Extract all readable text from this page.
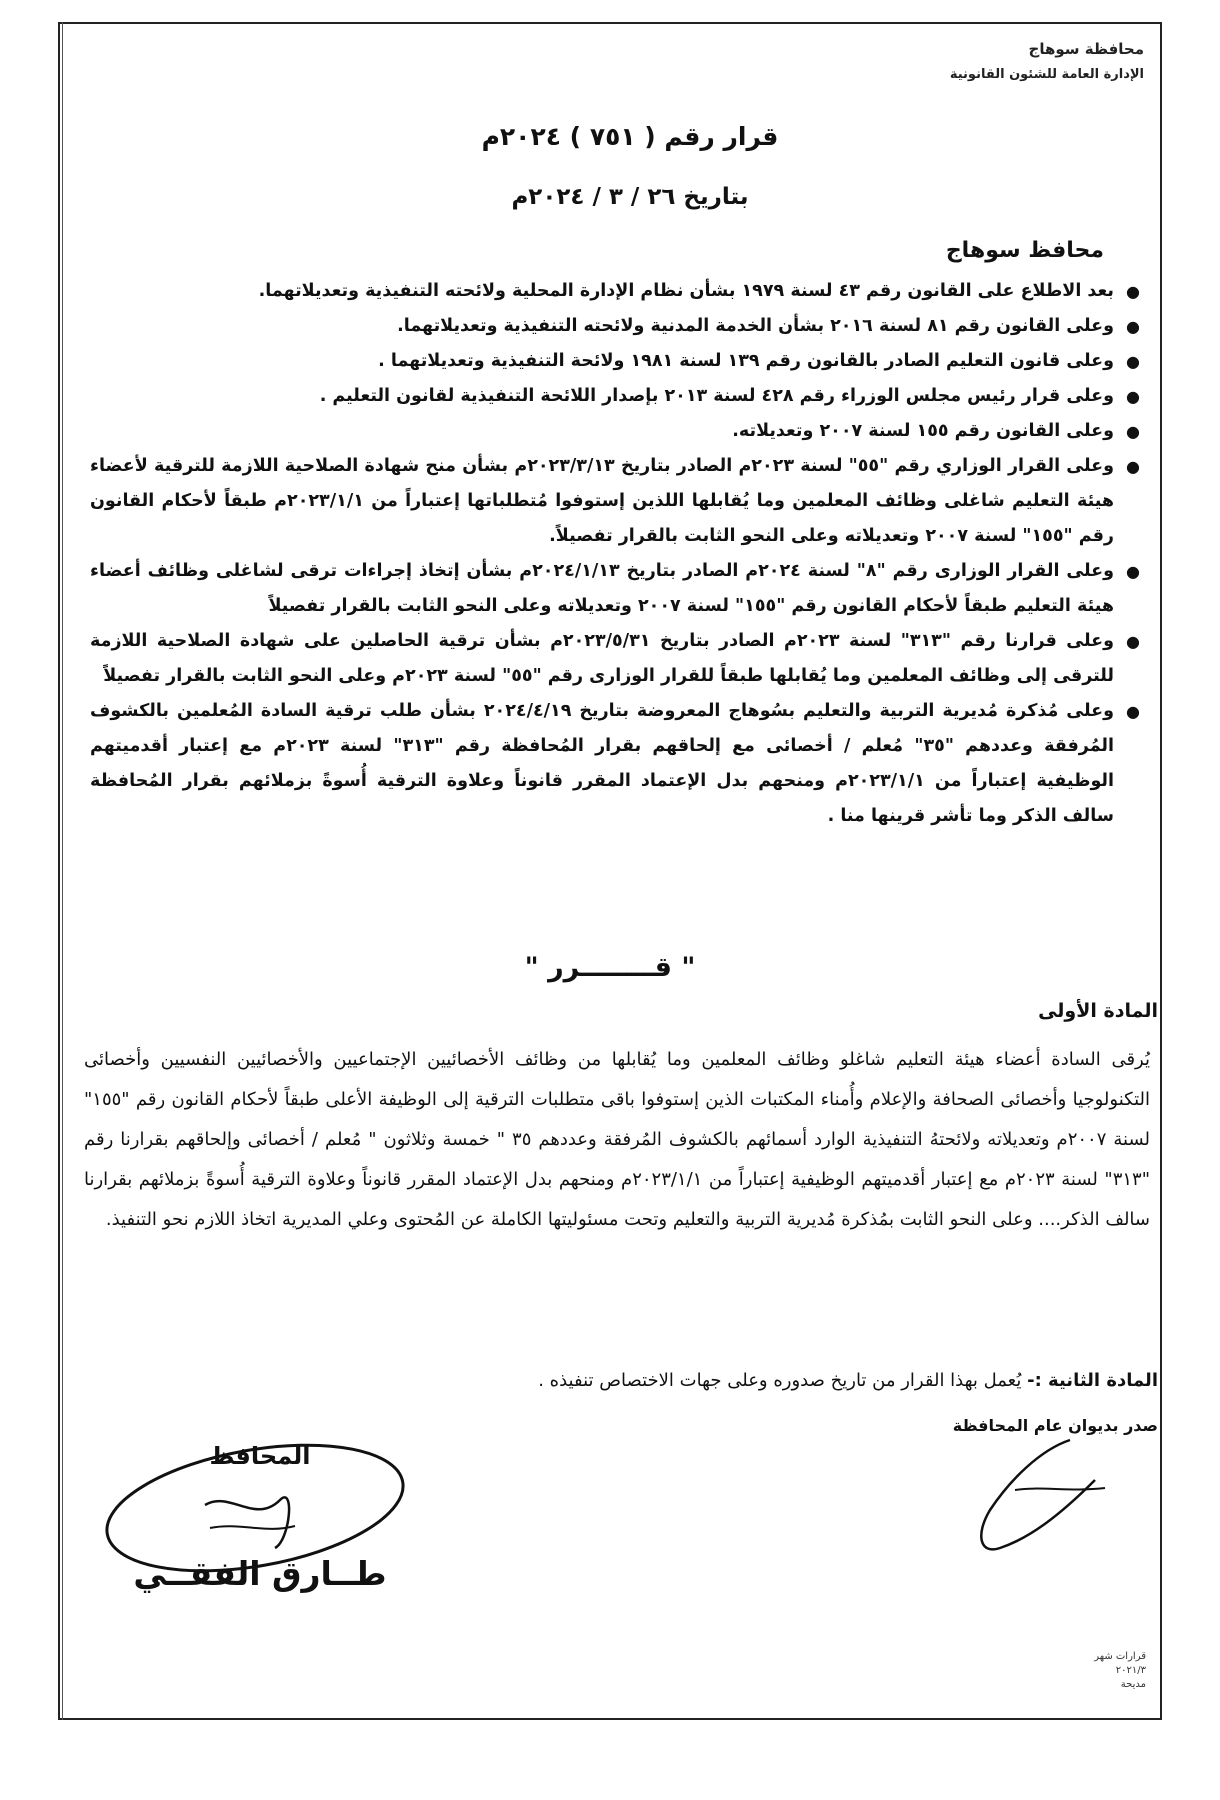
محافظة سوهاج
الإدارة العامة للشئون القانونية
قرار رقم ( ٧٥١ ) ٢٠٢٤م
بتاريخ ٢٦ / ٣ / ٢٠٢٤م
محافظ سوهاج
●
بعد الاطلاع على القانون رقم ٤٣ لسنة ١٩٧٩ بشأن نظام الإدارة المحلية ولائحته التنفيذية وتعديلاتهما.
●
وعلى القانون رقم ٨١ لسنة ٢٠١٦ بشأن الخدمة المدنية ولائحته التنفيذية وتعديلاتهما.
●
وعلى قانون التعليم الصادر بالقانون رقم ١٣٩ لسنة ١٩٨١ ولائحة التنفيذية وتعديلاتهما .
●
وعلى قرار رئيس مجلس الوزراء رقم ٤٢٨ لسنة ٢٠١٣ بإصدار اللائحة التنفيذية لقانون التعليم .
●
وعلى القانون رقم ١٥٥ لسنة ٢٠٠٧ وتعديلاته.
●
وعلى القرار الوزاري رقم "٥٥" لسنة ٢٠٢٣م الصادر بتاريخ ٢٠٢٣/٣/١٣م بشأن منح شهادة الصلاحية اللازمة للترقية لأعضاء هيئة التعليم شاغلى وظائف المعلمين وما يُقابلها اللذين إستوفوا مُتطلباتها إعتباراً من ٢٠٢٣/١/١م طبقاً لأحكام القانون رقم "١٥٥" لسنة ٢٠٠٧ وتعديلاته وعلى النحو الثابت بالقرار تفصيلاً.
●
وعلى القرار الوزارى رقم "٨" لسنة ٢٠٢٤م الصادر بتاريخ ٢٠٢٤/١/١٣م بشأن إتخاذ إجراءات ترقى لشاغلى وظائف أعضاء هيئة التعليم طبقاً لأحكام القانون رقم "١٥٥" لسنة ٢٠٠٧ وتعديلاته وعلى النحو الثابت بالقرار تفصيلاً
●
وعلى قرارنا رقم "٣١٣" لسنة ٢٠٢٣م الصادر بتاريخ ٢٠٢٣/٥/٣١م بشأن ترقية الحاصلين على شهادة الصلاحية اللازمة للترقى إلى وظائف المعلمين وما يُقابلها طبقاً للقرار الوزارى رقم "٥٥" لسنة ٢٠٢٣م وعلى النحو الثابت بالقرار تفصيلاً
●
وعلى مُذكرة مُديرية التربية والتعليم بسُوهاج المعروضة بتاريخ ٢٠٢٤/٤/١٩ بشأن طلب ترقية السادة المُعلمين بالكشوف المُرفقة وعددهم "٣٥" مُعلم / أخصائى مع إلحاقهم بقرار المُحافظة رقم "٣١٣" لسنة ٢٠٢٣م مع إعتبار أقدميتهم الوظيفية إعتباراً من ٢٠٢٣/١/١م ومنحهم بدل الإعتماد المقرر قانوناً وعلاوة الترقية أُسوةً بزملائهم بقرار المُحافظة سالف الذكر وما تأشر قرينها منا .
" قــــــــرر "
المادة الأولى

يُرقى السادة أعضاء هيئة التعليم شاغلو وظائف المعلمين وما يُقابلها من وظائف الأخصائيين الإجتماعيين والأخصائيين النفسيين وأخصائى التكنولوجيا وأخصائى الصحافة والإعلام وأُمناء المكتبات الذين إستوفوا باقى متطلبات الترقية إلى الوظيفة الأعلى طبقاً لأحكام القانون رقم "١٥٥" لسنة ٢٠٠٧م وتعديلاته ولائحتهُ التنفيذية الوارد أسمائهم بالكشوف المُرفقة وعددهم ٣٥ " خمسة وثلاثون " مُعلم / أخصائى وإلحاقهم بقرارنا رقم "٣١٣" لسنة ٢٠٢٣م مع إعتبار أقدميتهم الوظيفية إعتباراً من ٢٠٢٣/١/١م ومنحهم بدل الإعتماد المقرر قانوناً وعلاوة الترقية أُسوةً بزملائهم بقرارنا سالف الذكر.... وعلى النحو الثابت بمُذكرة مُديرية التربية والتعليم وتحت مسئوليتها الكاملة عن المُحتوى وعلي المديرية اتخاذ اللازم نحو التنفيذ.

المادة الثانية :- يُعمل بهذا القرار من تاريخ صدوره وعلى جهات الاختصاص تنفيذه .

صدر بديوان عام المحافظة
المحافظ
طــارق الفقــي
قرارات شهر ٢٠٢١/٣
مديحة
